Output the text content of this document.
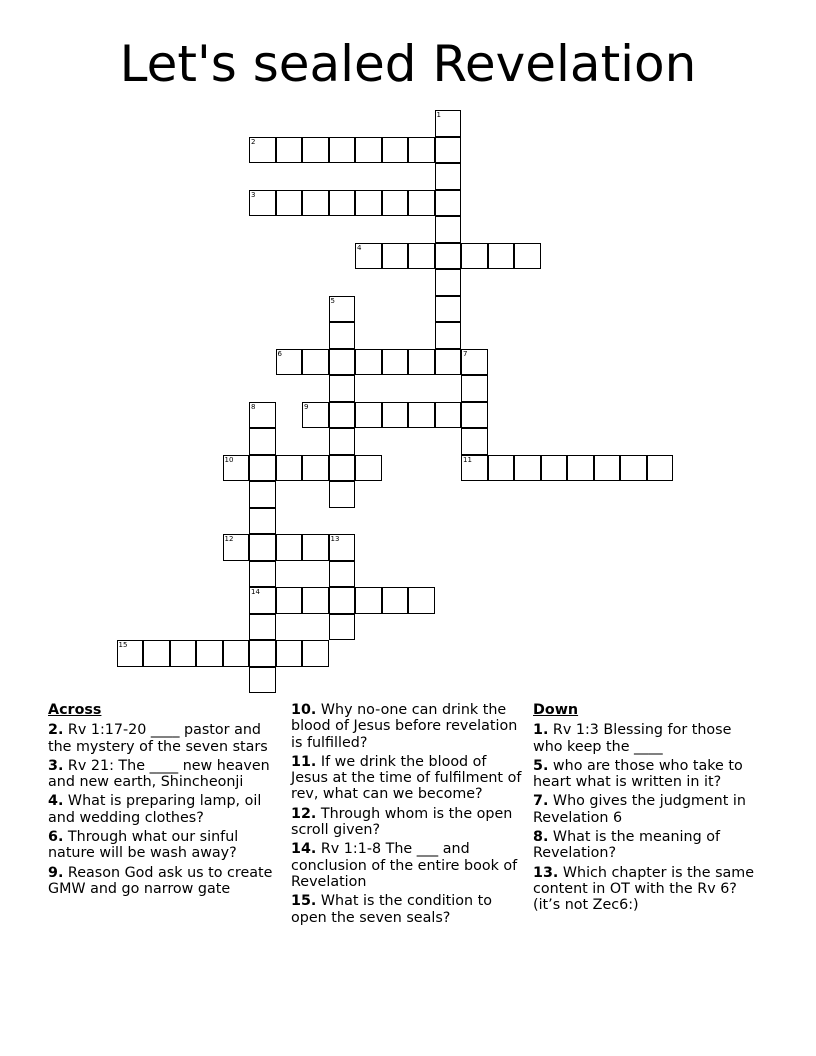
Let's sealed Revelation
1
2
3
4
5
6	7
8	9
10	11
12	13
14
15
Across
2. Rv 1:17-20 ____ pastor and the mystery of the seven stars
3. Rv 21: The ____ new heaven and new earth, Shincheonji
4. What is preparing lamp, oil and wedding clothes?
6. Through what our sinful nature will be wash away?
9. Reason God ask us to create GMW and go narrow gate
10. Why no-one can drink the blood of Jesus before revelation is fulfilled?
11. If we drink the blood of Jesus at the time of fulfilment of rev, what can we become?
12. Through whom is the open scroll given?
14. Rv 1:1-8 The ___ and conclusion of the entire book of Revelation
15. What is the condition to open the seven seals?
Down
1. Rv 1:3 Blessing for those who keep the ____
5. who are those who take to heart what is written in it?
7. Who gives the judgment in Revelation 6
8. What is the meaning of Revelation?
13. Which chapter is the same content in OT with the Rv 6? (it’s not Zec6:)
